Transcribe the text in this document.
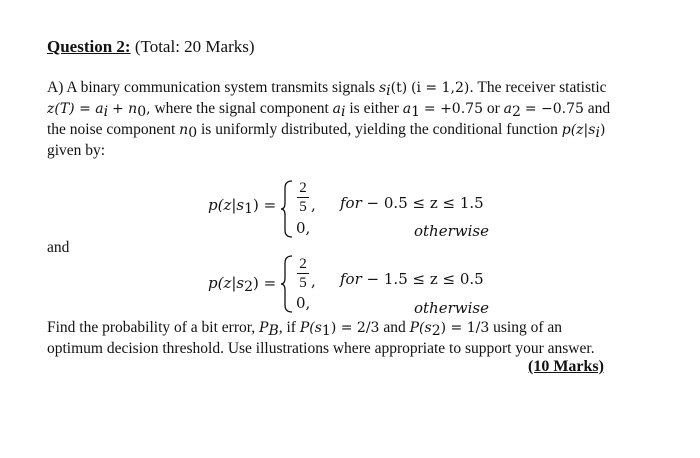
Question 2: (Total: 20 Marks)
A) A binary communication system transmits signals $s_i(t) (i = 1,2)$. The receiver statistic
$z(T) = a_i + n_0$, where the signal component $a_i$ is either $a_1 = +0.75$ or $a_2 = -0.75$ and
the noise component $n_0$ is uniformly distributed, yielding the conditional function $p(z|s_i)$
given by:
$p(z|s_1)$ =
2
5 ,
0,
for − 0.5 ≤ z ≤ 1.5
otherwise
and
$p(z|s_2)$ =
2
5 ,
0,
for − 1.5 ≤ z ≤ 0.5
otherwise
Find the probability of a bit error, $P_B$, if $P(s_1) = 2/3$ and $P(s_2) = 1/3$ using of an
optimum decision threshold. Use illustrations where appropriate to support your answer.
(10 Marks)
